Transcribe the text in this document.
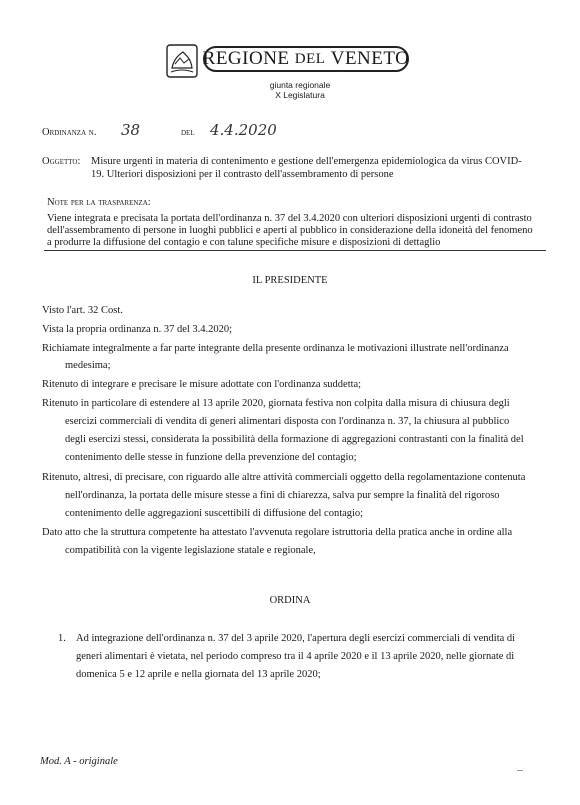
REGIONE
DEL
VENETO
giunta regionale
X Legislatura
Ordinanza n. 38	del 4.4.2020
Oggetto: Misure urgenti in materia di contenimento e gestione dell'emergenza epidemiologica da virus COVID-
19. Ulteriori disposizioni per il contrasto dell'assembramento di persone
Note per la trasparenza:
Viene integrata e precisata la portata dell'ordinanza n. 37 del 3.4.2020 con ulteriori disposizioni urgenti di contrasto
dell'assembramento di persone in luoghi pubblici e aperti al pubblico in considerazione della idoneità del fenomeno
a produrre la diffusione del contagio e con talune specifiche misure e disposizioni di dettaglio
IL PRESIDENTE
Visto l'art. 32 Cost.
Vista la propria ordinanza n. 37 del 3.4.2020;
Richiamate integralmente a far parte integrante della presente ordinanza le motivazioni illustrate nell'ordinanza
medesima;
Ritenuto di integrare e precisare le misure adottate con l'ordinanza suddetta;
Ritenuto in particolare di estendere al 13 aprile 2020, giornata festiva non colpita dalla misura di chiusura degli
esercizi commerciali di vendita di generi alimentari disposta con l'ordinanza n. 37, la chiusura al pubblico
degli esercizi stessi, considerata la possibilità della formazione di aggregazioni contrastanti con la finalità del
contenimento delle stesse in funzione della prevenzione del contagio;
Ritenuto, altresì, di precisare, con riguardo alle altre attività commerciali oggetto della regolamentazione contenuta
nell'ordinanza, la portata delle misure stesse a fini di chiarezza, salva pur sempre la finalità del rigoroso
contenimento delle aggregazioni suscettibili di diffusione del contagio;
Dato atto che la struttura competente ha attestato l'avvenuta regolare istruttoria della pratica anche in ordine alla
compatibilità con la vigente legislazione statale e regionale,
ORDINA
1. Ad integrazione dell'ordinanza n. 37 del 3 aprile 2020, l'apertura degli esercizi commerciali di vendita di
generi alimentari è vietata, nel periodo compreso tra il 4 aprile 2020 e il 13 aprile 2020, nelle giornate di
domenica 5 e 12 aprile e nella giornata del 13 aprile 2020;
Mod. A - originale
